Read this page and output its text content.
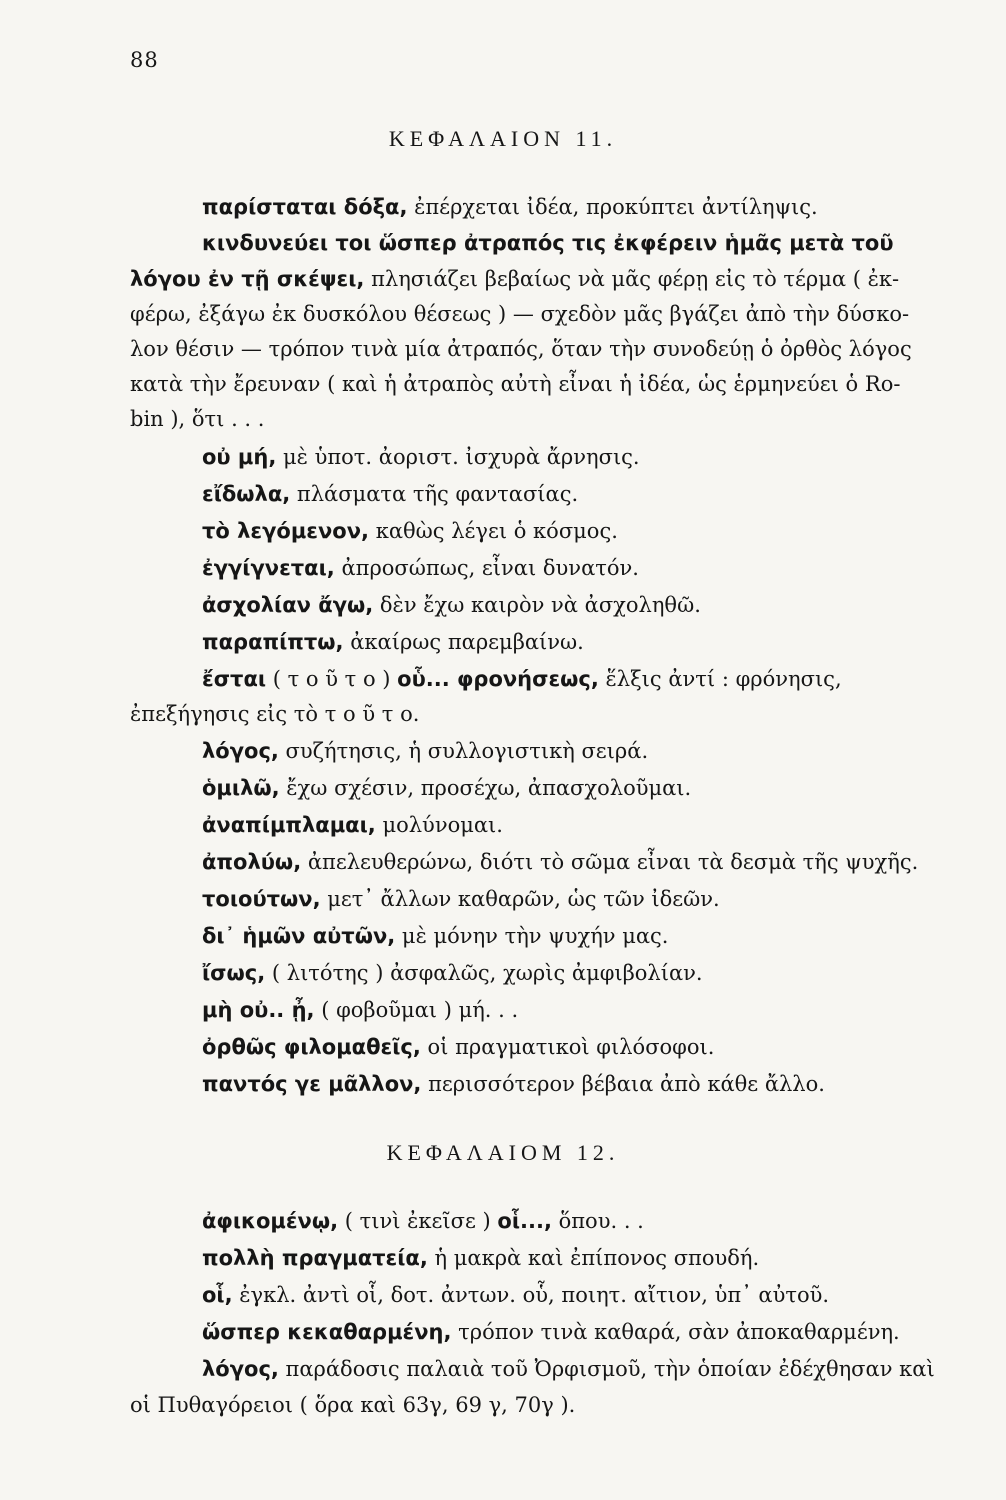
88
ΚΕΦΑΛΑΙΟΝ 11.
παρίσταται δόξα, ἐπέρχεται ἰδέα, προκύπτει ἀντίληψις.
κινδυνεύει τοι ὥσπερ ἀτραπός τις ἐκφέρειν ἡμᾶς μετὰ τοῦ
λόγου ἐν τῇ σκέψει, πλησιάζει βεβαίως νὰ μᾶς φέρῃ εἰς τὸ τέρμα ( ἐκ-
φέρω, ἐξάγω ἐκ δυσκόλου θέσεως ) — σχεδὸν μᾶς βγάζει ἀπὸ τὴν δύσκο-
λον θέσιν — τρόπον τινὰ μία ἀτραπός, ὅταν τὴν συνοδεύῃ ὁ ὀρθὸς λόγος
κατὰ τὴν ἔρευναν ( καὶ ἡ ἀτραπὸς αὐτὴ εἶναι ἡ ἰδέα, ὡς ἑρμηνεύει ὁ Ro-
bin ), ὅτι . . .
οὐ μή, μὲ ὑποτ. ἀοριστ. ἰσχυρὰ ἄρνησις.
εἴδωλα, πλάσματα τῆς φαντασίας.
τὸ λεγόμενον, καθὼς λέγει ὁ κόσμος.
ἐγγίγνεται, ἀπροσώπως, εἶναι δυνατόν.
ἀσχολίαν ἄγω, δὲν ἔχω καιρὸν νὰ ἀσχοληθῶ.
παραπίπτω, ἀκαίρως παρεμβαίνω.
ἔσται ( τ ο ῦ τ ο ) οὗ... φρονήσεως, ἕλξις ἀντί : φρόνησις,
ἐπεξήγησις εἰς τὸ τ ο ῦ τ ο.
λόγος, συζήτησις, ἡ συλλογιστικὴ σειρά.
ὁμιλῶ, ἔχω σχέσιν, προσέχω, ἀπασχολοῦμαι.
ἀναπίμπλαμαι, μολύνομαι.
ἀπολύω, ἀπελευθερώνω, διότι τὸ σῶμα εἶναι τὰ δεσμὰ τῆς ψυχῆς.
τοιούτων, μετ᾽ ἄλλων καθαρῶν, ὡς τῶν ἰδεῶν.
δι᾽ ἡμῶν αὐτῶν, μὲ μόνην τὴν ψυχήν μας.
ἴσως, ( λιτότης ) ἀσφαλῶς, χωρὶς ἀμφιβολίαν.
μὴ οὐ.. ᾖ, ( φοβοῦμαι ) μή. . .
ὀρθῶς φιλομαθεῖς, οἱ πραγματικοὶ φιλόσοφοι.
παντός γε μᾶλλον, περισσότερον βέβαια ἀπὸ κάθε ἄλλο.
ΚΕΦΑΛΑΙΟΜ 12.
ἀφικομένῳ, ( τινὶ ἐκεῖσε ) οἷ..., ὅπου. . .
πολλὴ πραγματεία, ἡ μακρὰ καὶ ἐπίπονος σπουδή.
οἷ, ἐγκλ. ἀντὶ οἷ, δοτ. ἀντων. οὗ, ποιητ. αἴτιον, ὑπ᾽ αὐτοῦ.
ὥσπερ κεκαθαρμένη, τρόπον τινὰ καθαρά, σὰν ἀποκαθαρμένη.
λόγος, παράδοσις παλαιὰ τοῦ Ὀρφισμοῦ, τὴν ὁποίαν ἐδέχθησαν καὶ
οἱ Πυθαγόρειοι ( ὅρα καὶ 63γ, 69 γ, 70γ ).
